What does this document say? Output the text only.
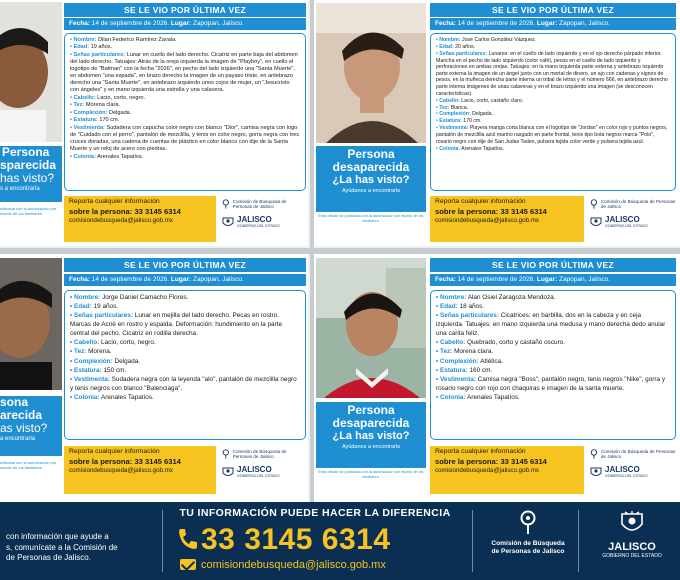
Persona
sparecida
has visto?
s a encontrarla
ublicada con la autorización por escrito de los familiares.
SE LE VIO POR ÚLTIMA VEZ
Fecha: 14 de septiembre de 2026. Lugar: Zapopan, Jalisco.
• Nombre: Dilan Federico Ramírez Zavala.
• Edad: 19 años.
• Señas particulares: Lunar en cuello del lado derecho. Cicatriz en parte baja del abdomen del lado derecho. Tatuajes: Atrás de la oreja izquierda la imagen de "Playboy", en cuello el logotipo de "Batman" con la fecha "2026", en pecho del lado izquierdo una "Santa Muerte", en abdomen "una espada", en brazo derecho la imagen de un payaso triste, en antebrazo derecho una "Santa Muerte", en antebrazo izquierdo unos cojos de mujer, un "Jesucristo con ángeles" y en mano izquierda una estrella y una calavera.
• Cabello: Lacio, corto, negro.
• Tez: Morena clara.
• Complexión: Delgada.
• Estatura: 170 cm.
• Vestimenta: Sudadera con capucha color negro con blanco "Dior", camisa negra con logo de "Cuidado con el perro", pantalón de mezclilla, y tenis en color negro, gorra negra con tres cruces doradas, una cadena de cuentas de plástico en color blanco con dije de la Santa Muerte y un reloj de acero con piedras.
• Colonia: Arenales Tapatíos.
Reporta cualquier información
sobre la persona: 33 3145 6314
comisiondebusqueda@jalisco.gob.mx
Comisión de Búsqueda de Personas de Jalisco
JALISCO
GOBIERNO DEL ESTADO
Persona
desaparecida
¿La has visto?
Ayúdanos a encontrarla
Esta cédula se publicada con la autorización por escrito de los familiares.
SE LE VIO POR ÚLTIMA VEZ
Fecha: 14 de septiembre de 2026. Lugar: Zapopan, Jalisco.
• Nombre: José Carlos González Vázquez.
• Edad: 20 años.
• Señas particulares: Lunares: en el cuello de lado izquierdo y en el ojo derecho párpado inferior. Mancha en el pecho de lado izquierdo (color café), pecas en el cuello de lado izquierdo y perforaciones en ambas orejas. Tatuajes: en la mano izquierda parte externa y antebrazo izquierdo parte externa la imagen de un ángel junto con un mortal de dinero, un ajo con cadenas y signos de pesos, en la muñeca derecha parte interna un tribal de letras y el número 666, en antebrazo derecho parte interna imágenes de unas calaveras y en el brazo izquierdo una imagen (se desconocen características).
• Cabello: Lacio, corto, castaño claro.
• Tez: Blanca.
• Complexión: Delgada.
• Estatura: 170 cm.
• Vestimenta: Playera manga corta blanca con el logotipo de "Jordan" en color rojo y puntos negros, pantalón de mezclilla azul marino rasgado en parte frontal, tenis tipo bota negros marca "Polo", rosario negro con dije de San Judas Tadeo, pulsera tejida color verde y pulsera tejida azul.
• Colonia: Arenales Tapatíos.
Reporta cualquier información
sobre la persona: 33 3145 6314
comisiondebusqueda@jalisco.gob.mx
Comisión de Búsqueda de Personas de Jalisco
JALISCO
GOBIERNO DEL ESTADO
sona
arecida
as visto?
a encontrarla
ublicada con la autorización por escrito de los familiares.
SE LE VIO POR ÚLTIMA VEZ
Fecha: 14 de septiembre de 2026. Lugar: Zapopan, Jalisco.
• Nombre: Jorge Daniel Camacho Flores.
• Edad: 19 años.
• Señas particulares: Lunar en mejilla del lado derecho. Pecas en rostro. Marcas de Acné en rostro y espalda. Deformación: hundimiento en la parte central del pecho. Cicatriz en rodilla derecha.
• Cabello: Lacio, corto, negro.
• Tez: Morena.
• Complexión: Delgada.
• Estatura: 150 cm.
• Vestimenta: Sudadera negra con la leyenda "alo", pantalón de mezclilla negro y tenis negros con blanco "Balenciaga".
• Colonia: Arenales Tapatíos.
Reporta cualquier información
sobre la persona: 33 3145 6314
comisiondebusqueda@jalisco.gob.mx
Comisión de Búsqueda de Personas de Jalisco
JALISCO
GOBIERNO DEL ESTADO
Persona
desaparecida
¿La has visto?
Ayúdanos a encontrarla
Esta cédula se publicada con la autorización por escrito de los familiares.
SE LE VIO POR ÚLTIMA VEZ
Fecha: 14 de septiembre de 2026. Lugar: Zapopan, Jalisco.
• Nombre: Alan Osiel Zaragoza Mendoza.
• Edad: 18 años.
• Señas particulares: Cicatrices: en barbilla, dos en la cabeza y en ceja izquierda. Tatuajes: en mano izquierda una medusa y mano derecha dedo anular una carita feliz.
• Cabello: Quebrado, corto y castaño oscuro.
• Tez: Morena clara.
• Complexión: Atlética.
• Estatura: 160 cm.
• Vestimenta: Camisa negra "Boss", pantalón negro, tenis negros "Nike", gorra y rosario negro con rojo con chaquiras e imagen de la santa muerte.
• Colonia: Arenales Tapatíos.
Reporta cualquier información
sobre la persona: 33 3145 6314
comisiondebusqueda@jalisco.gob.mx
Comisión de Búsqueda de Personas de Jalisco
JALISCO
GOBIERNO DEL ESTADO
con información que ayude a
s, comunícate a la Comisión de
de Personas de Jalisco.
TU INFORMACIÓN PUEDE HACER LA DIFERENCIA
33 3145 6314
comisiondebusqueda@jalisco.gob.mx
Comisión de Búsqueda de Personas de Jalisco	JALISCO
GOBIERNO DEL ESTADO
